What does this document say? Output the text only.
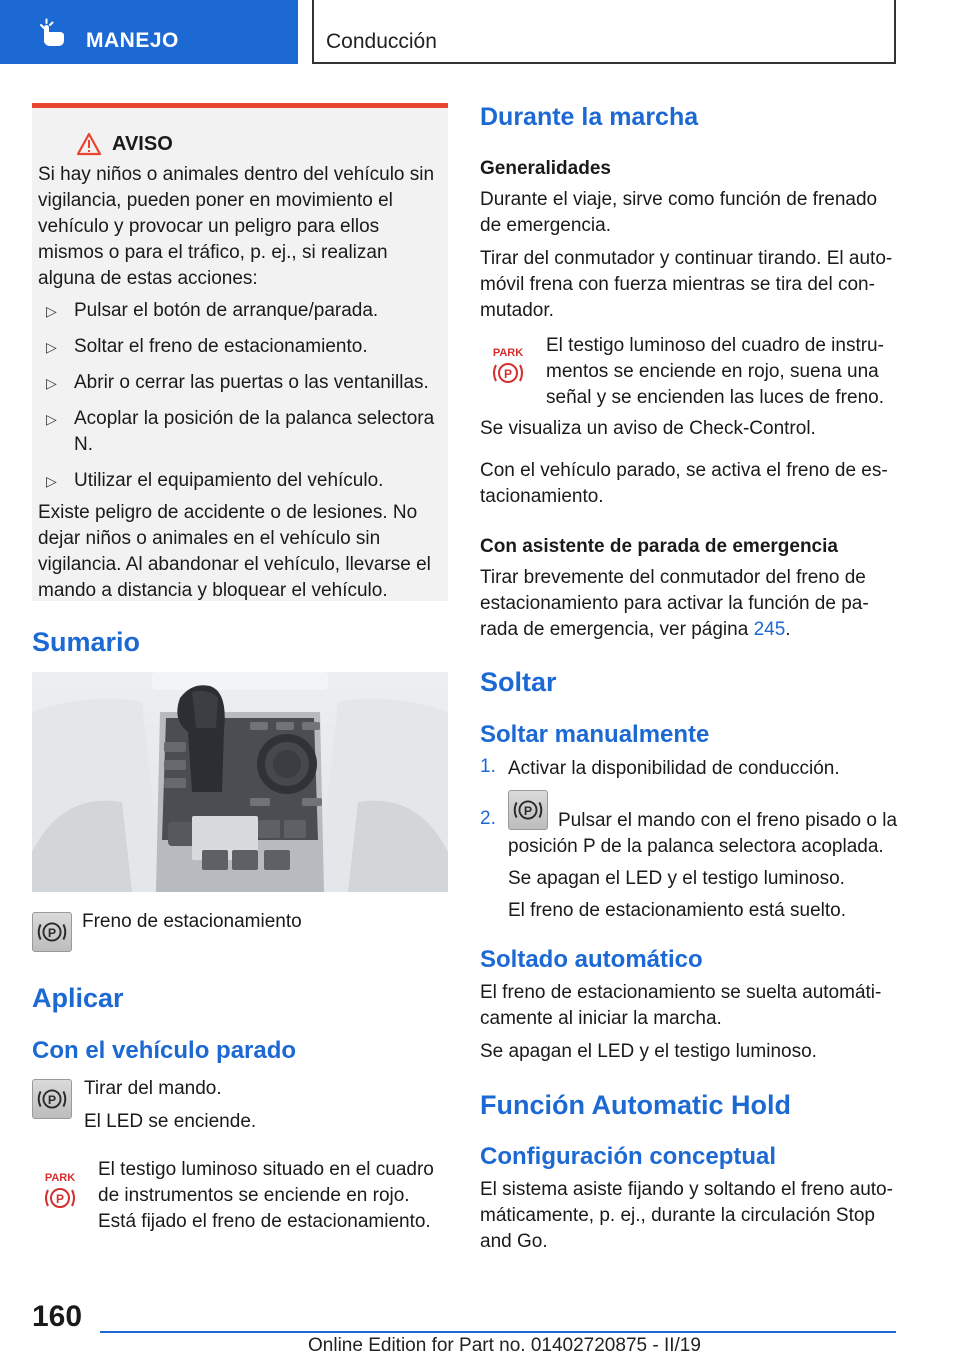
MANEJO	Conducción
AVISO

Si hay niños o animales dentro del vehículo sin vigilancia, pueden poner en movimiento el vehículo y provocar un peligro para ellos mismos o para el tráfico, p. ej., si realizan alguna de estas acciones:

▷ Pulsar el botón de arranque/parada.
▷ Soltar el freno de estacionamiento.
▷ Abrir o cerrar las puertas o las ventanillas.
▷ Acoplar la posición de la palanca selectora N.
▷ Utilizar el equipamiento del vehículo.

Existe peligro de accidente o de lesiones. No dejar niños o animales en el vehículo sin vigilancia. Al abandonar el vehículo, llevarse el mando a distancia y bloquear el vehículo.

Sumario
P
Freno de estacionamiento
Aplicar
Con el vehículo parado
P
Tirar del mando.
El LED se enciende.
PARK
P
El testigo luminoso situado en el cuadro de instrumentos se enciende en rojo. Está fijado el freno de estacionamiento.
Durante la marcha
Generalidades
Durante el viaje, sirve como función de frenado de emergencia.
Tirar del conmutador y continuar tirando. El automóvil frena con fuerza mientras se tira del conmutador.
PARK
P
El testigo luminoso del cuadro de instrumentos se enciende en rojo, suena una señal y se encienden las luces de freno.
Se visualiza un aviso de Check-Control.
Con el vehículo parado, se activa el freno de estacionamiento.
Con asistente de parada de emergencia
Tirar brevemente del conmutador del freno de estacionamiento para activar la función de parada de emergencia, ver página 245.
Soltar
Soltar manualmente
1. Activar la disponibilidad de conducción.
2. P	Pulsar el mando con el freno pisado o la posición P de la palanca selectora acoplada.
Se apagan el LED y el testigo luminoso.
El freno de estacionamiento está suelto.
Soltado automático
El freno de estacionamiento se suelta automáticamente al iniciar la marcha.
Se apagan el LED y el testigo luminoso.
Función Automatic Hold
Configuración conceptual
El sistema asiste fijando y soltando el freno automáticamente, p. ej., durante la circulación Stop and Go.
160
Online Edition for Part no. 01402720875 - II/19
